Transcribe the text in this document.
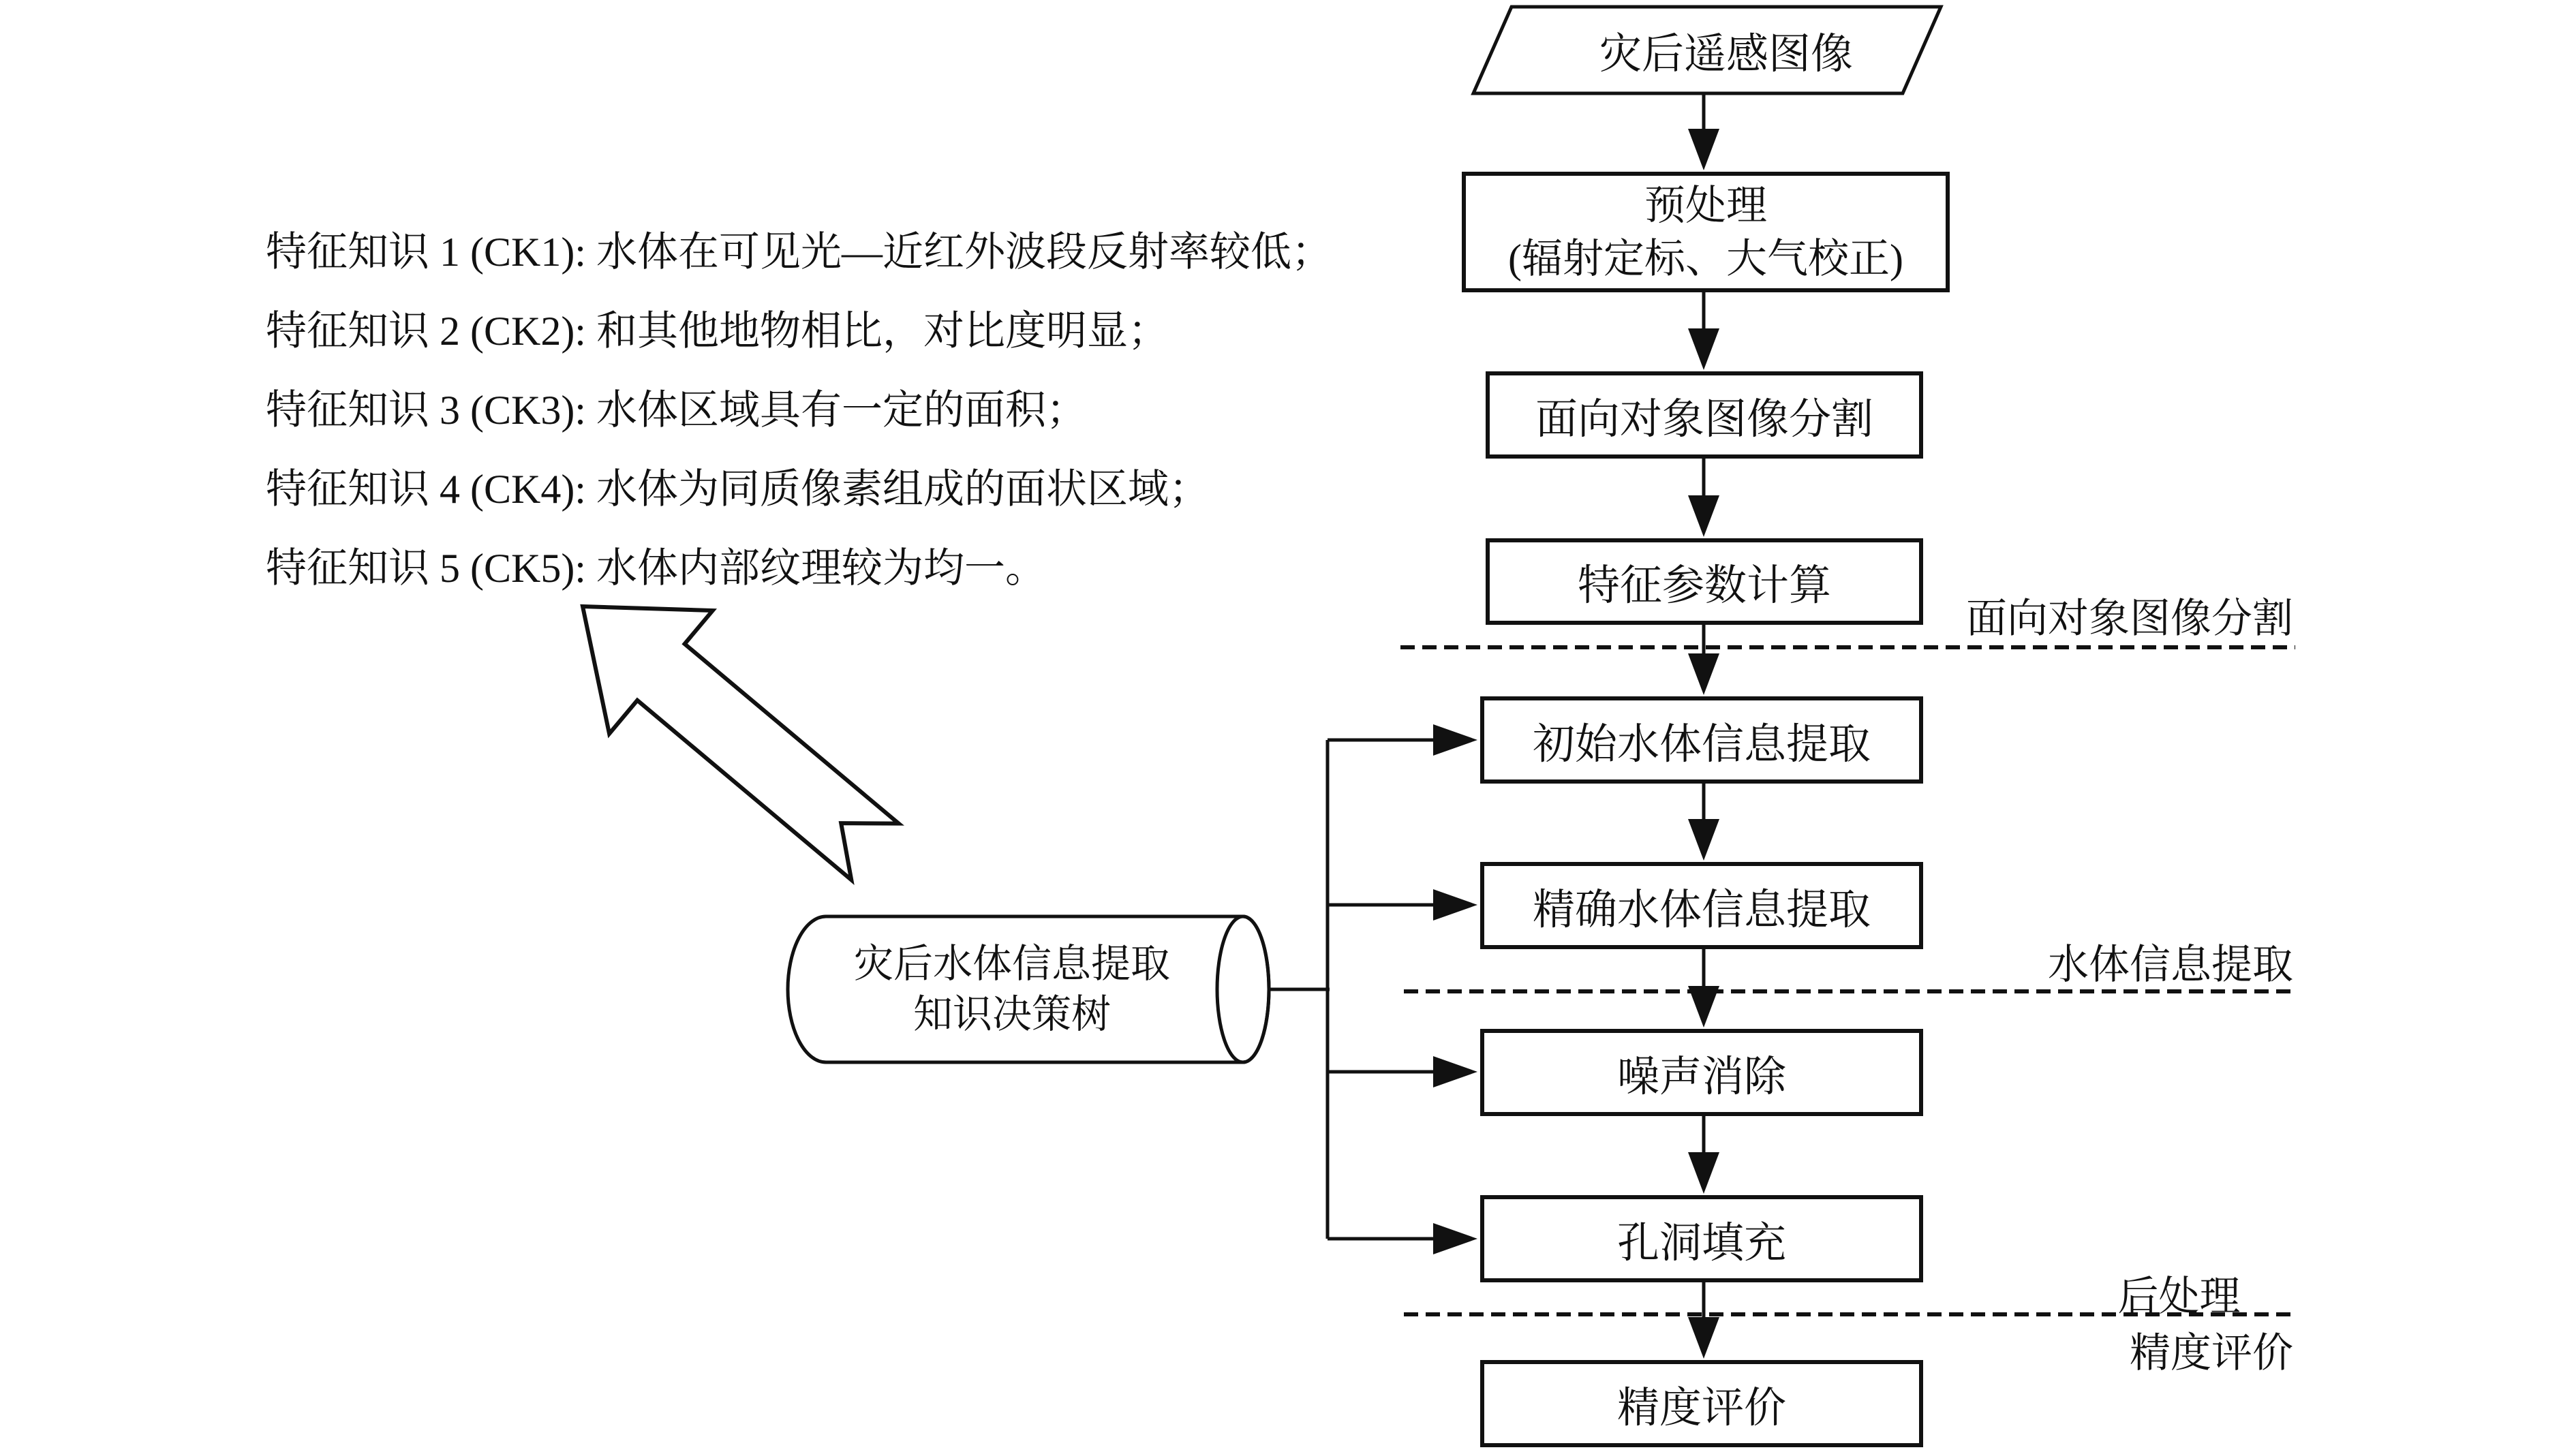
特征知识 1 (CK1): 水体在可见光—近红外波段反射率较低；
特征知识 2 (CK2): 和其他地物相比，对比度明显；
特征知识 3 (CK3): 水体区域具有一定的面积；
特征知识 4 (CK4): 水体为同质像素组成的面状区域；
特征知识 5 (CK5): 水体内部纹理较为均一。
灾后遥感图像
预处理
(辐射定标、大气校正)
面向对象图像分割
特征参数计算
初始水体信息提取
精确水体信息提取
噪声消除
孔洞填充
精度评价
灾后水体信息提取
知识决策树
面向对象图像分割
水体信息提取
后处理
精度评价
